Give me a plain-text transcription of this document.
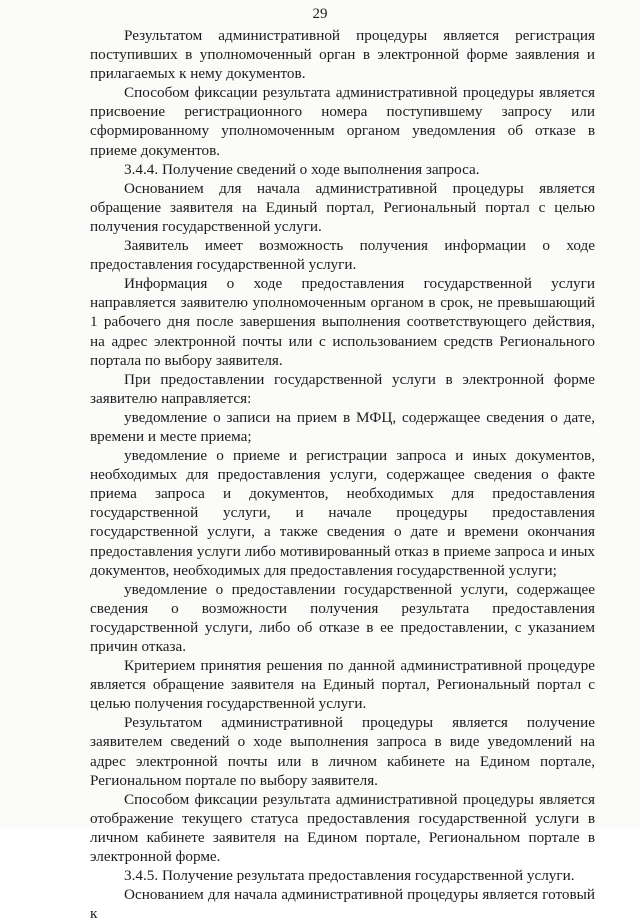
29

Результатом административной процедуры является регистрация поступивших в уполномоченный орган в электронной форме заявления и прилагаемых к нему документов.

Способом фиксации результата административной процедуры является присвоение регистрационного номера поступившему запросу или сформированному уполномоченным органом уведомления об отказе в приеме документов.

3.4.4. Получение сведений о ходе выполнения запроса.

Основанием для начала административной процедуры является обращение заявителя на Единый портал, Региональный портал с целью получения государственной услуги.

Заявитель имеет возможность получения информации о ходе предоставления государственной услуги.

Информация о ходе предоставления государственной услуги направляется заявителю уполномоченным органом в срок, не превышающий 1 рабочего дня после завершения выполнения соответствующего действия, на адрес электронной почты или с использованием средств Регионального портала по выбору заявителя.

При предоставлении государственной услуги в электронной форме заявителю направляется:

уведомление о записи на прием в МФЦ, содержащее сведения о дате, времени и месте приема;

уведомление о приеме и регистрации запроса и иных документов, необходимых для предоставления услуги, содержащее сведения о факте приема запроса и документов, необходимых для предоставления государственной услуги, и начале процедуры предоставления государственной услуги, а также сведения о дате и времени окончания предоставления услуги либо мотивированный отказ в приеме запроса и иных документов, необходимых для предоставления государственной услуги;

уведомление о предоставлении государственной услуги, содержащее сведения о возможности получения результата предоставления государственной услуги, либо об отказе в ее предоставлении, с указанием причин отказа.

Критерием принятия решения по данной административной процедуре является обращение заявителя на Единый портал, Региональный портал с целью получения государственной услуги.

Результатом административной процедуры является получение заявителем сведений о ходе выполнения запроса в виде уведомлений на адрес электронной почты или в личном кабинете на Едином портале, Региональном портале по выбору заявителя.

Способом фиксации результата административной процедуры является отображение текущего статуса предоставления государственной услуги в личном кабинете заявителя на Едином портале, Региональном портале в электронной форме.

3.4.5. Получение результата предоставления государственной услуги.

Основанием для начала административной процедуры является готовый к
